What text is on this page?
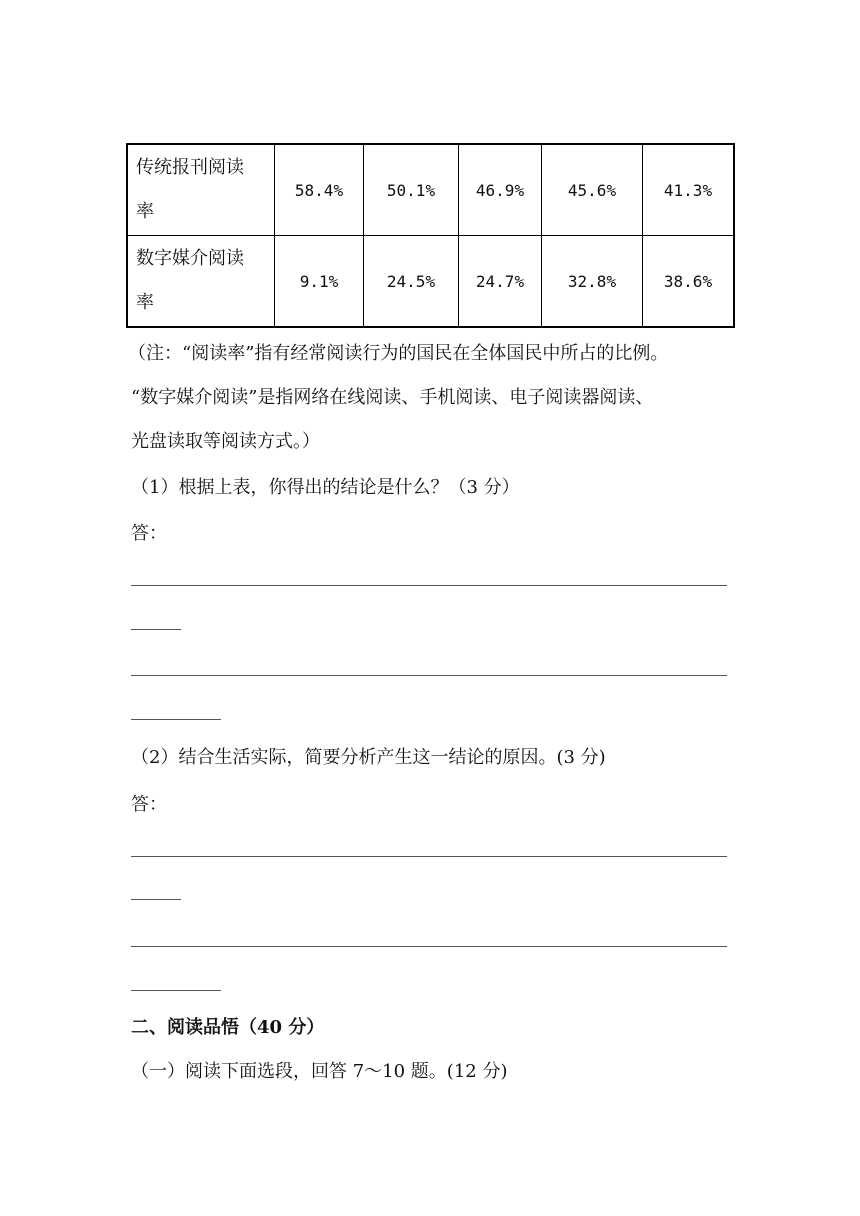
传统报刊阅读
率	58.4%	50.1%	46.9%	45.6%	41.3%

数字媒介阅读
率	9.1%	24.5%	24.7%	32.8%	38.6%
（注：“阅读率”指有经常阅读行为的国民在全体国民中所占的比例。
“数字媒介阅读”是指网络在线阅读、手机阅读、电子阅读器阅读、
光盘读取等阅读方式。）
（1）根据上表，你得出的结论是什么？（3 分）
答：
（2）结合生活实际，简要分析产生这一结论的原因。(3 分)
答：
二、阅读品悟（40 分）
（一）阅读下面选段，回答 7～10 题。(12 分)
